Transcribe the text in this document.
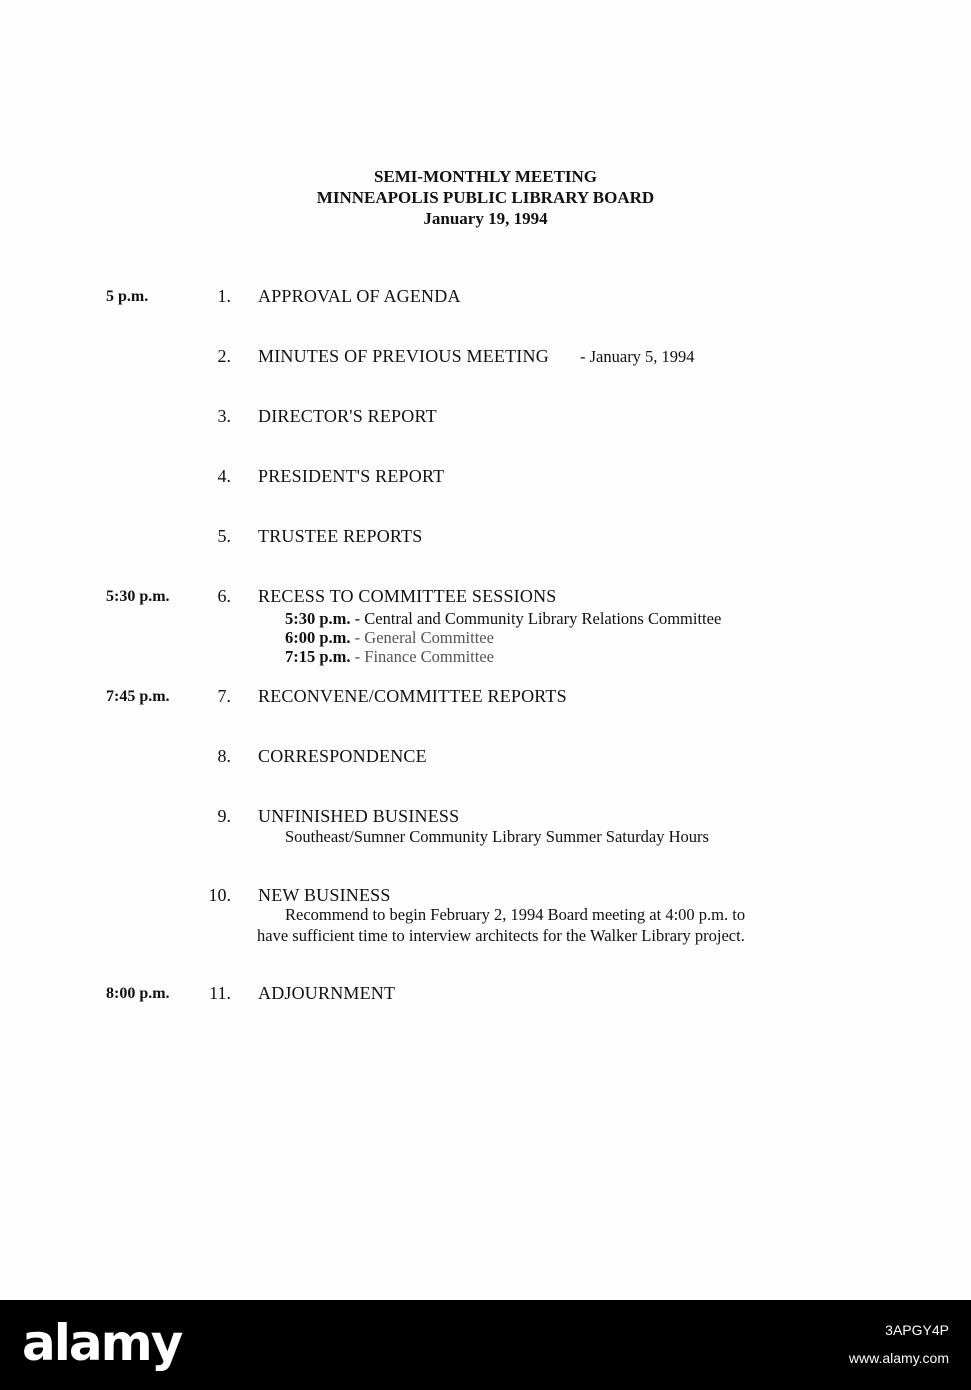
SEMI-MONTHLY MEETING
MINNEAPOLIS PUBLIC LIBRARY BOARD
January 19, 1994
5 p.m.	1. APPROVAL OF AGENDA
2. MINUTES OF PREVIOUS MEETING - January 5, 1994
3. DIRECTOR'S REPORT
4. PRESIDENT'S REPORT
5. TRUSTEE REPORTS
5:30 p.m.	6. RECESS TO COMMITTEE SESSIONS
5:30 p.m. - Central and Community Library Relations Committee
6:00 p.m. - General Committee
7:15 p.m. - Finance Committee
7:45 p.m.	7. RECONVENE/COMMITTEE REPORTS
8. CORRESPONDENCE
9. UNFINISHED BUSINESS
Southeast/Sumner Community Library Summer Saturday Hours
10. NEW BUSINESS
Recommend to begin February 2, 1994 Board meeting at 4:00 p.m. to
have sufficient time to interview architects for the Walker Library project.
8:00 p.m.	11. ADJOURNMENT
alamy	3APGY4P
www.alamy.com
